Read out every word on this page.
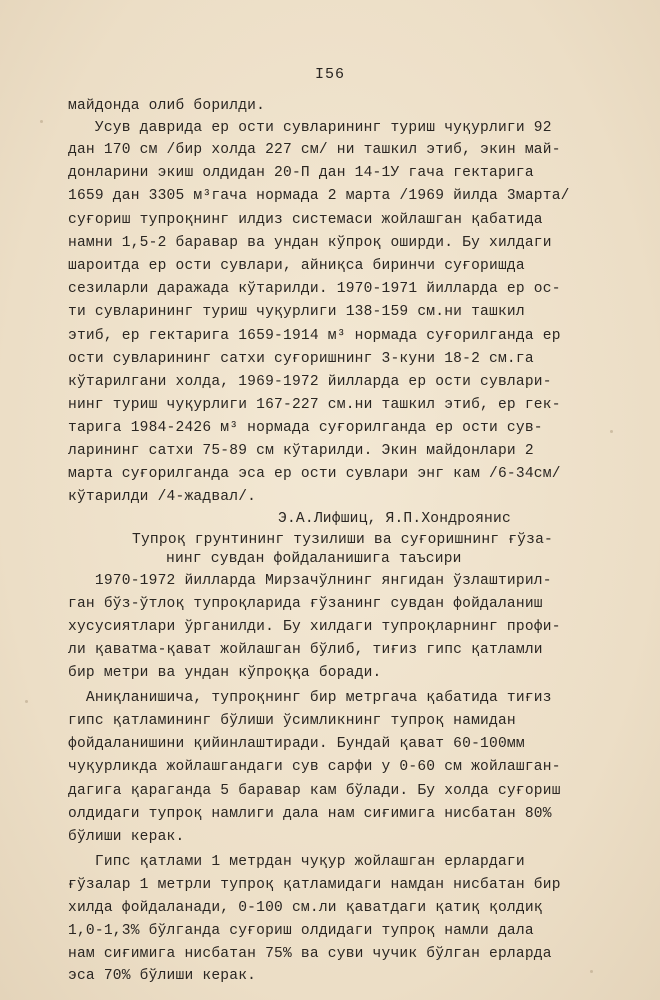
I56
майдонда олиб борилди.
Усув даврида ер ости сувларининг туриш чуқурлиги 92
дан 170 см /бир холда 227 см/ ни ташкил этиб, экин май-
донларини экиш олдидан 20-П дан 14-1У гача гектарига
1659 дан 3305 м³гача нормада 2 марта /1969 йилда 3марта/
суғориш тупроқнинг илдиз системаси жойлашган қабатида
намни 1,5-2 баравар ва ундан кўпроқ оширди. Бу хилдаги
шароитда ер ости сувлари, айниқса биринчи суғоришда
сезиларли даражада кўтарилди. 1970-1971 йилларда ер ос-
ти сувларининг туриш чуқурлиги 138-159 см.ни ташкил
этиб, ер гектарига 1659-1914 м³ нормада суғорилганда ер
ости сувларининг сатхи суғоришнинг 3-куни 18-2 см.га
кўтарилгани холда, 1969-1972 йилларда ер ости сувлари-
нинг туриш чуқурлиги 167-227 см.ни ташкил этиб, ер гек-
тарига 1984-2426 м³ нормада суғорилганда ер ости сув-
ларининг сатхи 75-89 см кўтарилди. Экин майдонлари 2
марта суғорилганда эса ер ости сувлари энг кам /6-34см/
кўтарилди /4-жадвал/.
Э.А.Лифшиц, Я.П.Хондроянис
Тупроқ грунтининг тузилиши ва суғоришнинг ғўза-
нинг сувдан фойдаланишига таъсири
1970-1972 йилларда Мирзачўлнинг янгидан ўзлаштирил-
ган бўз-ўтлоқ тупроқларида ғўзанинг сувдан фойдаланиш
хусусиятлари ўрганилди. Бу хилдаги тупроқларнинг профи-
ли қаватма-қават жойлашган бўлиб, тиғиз гипс қатламли
бир метри ва ундан кўпроққа боради.
Аниқланишича, тупроқнинг бир метргача қабатида тиғиз
гипс қатламининг бўлиши ўсимликнинг тупроқ намидан
фойдаланишини қийинлаштиради. Бундай қават 60-100мм
чуқурликда жойлашгандаги сув сарфи у 0-60 см жойлашган-
дагига қараганда 5 баравар кам бўлади. Бу холда суғориш
олдидаги тупроқ намлиги дала нам сиғимига нисбатан 80%
бўлиши керак.
Гипс қатлами 1 метрдан чуқур жойлашган ерлардаги
ғўзалар 1 метрли тупроқ қатламидаги намдан нисбатан бир
хилда фойдаланади, 0-100 см.ли қаватдаги қатиқ қолдиқ
1,0-1,3% бўлганда суғориш олдидаги тупроқ намли дала
нам сиғимига нисбатан 75% ва суви чучик бўлган ерларда
эса 70% бўлиши керак.
